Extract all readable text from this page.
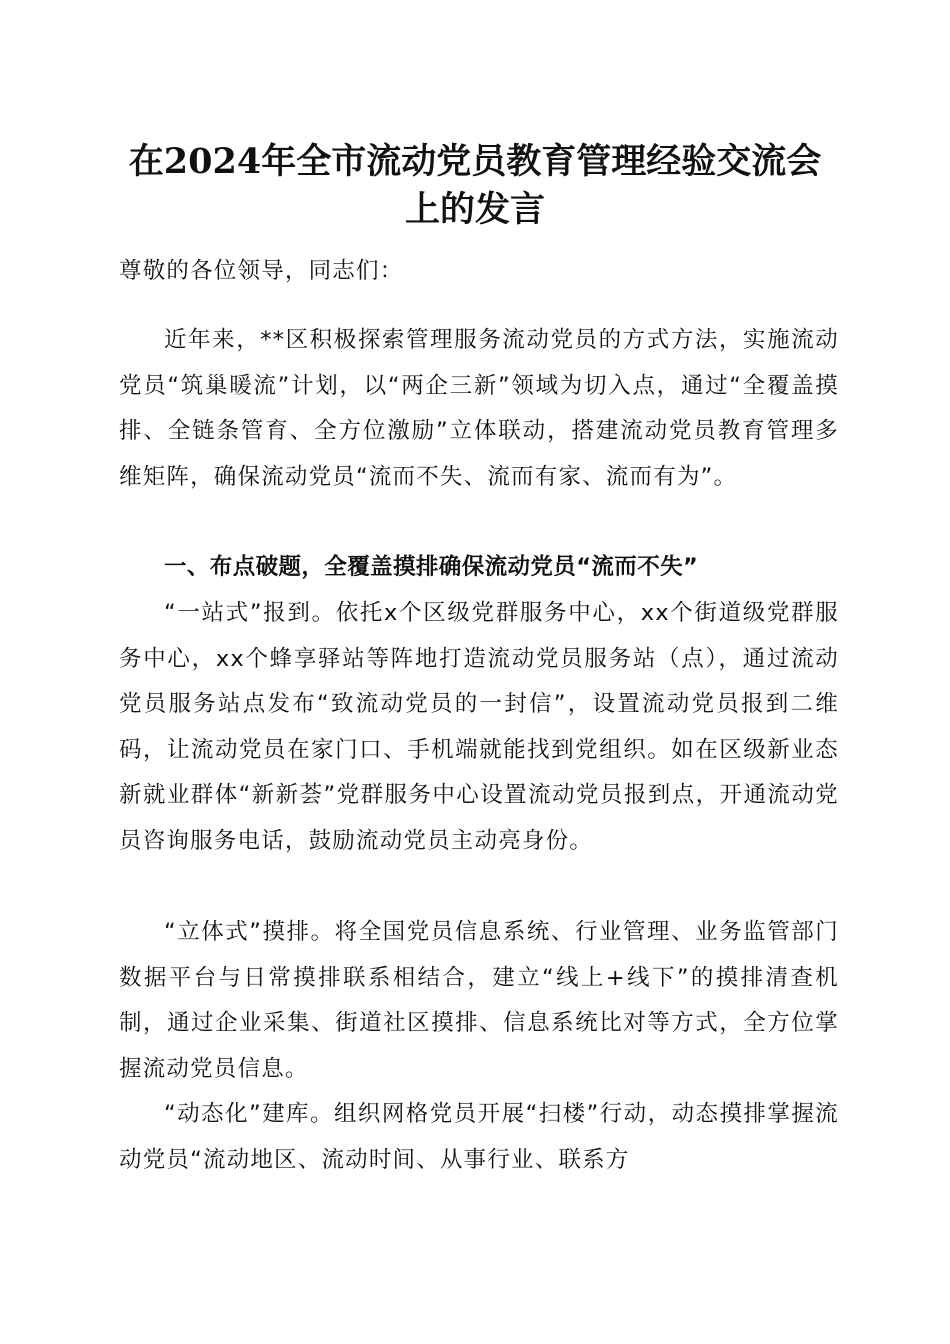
在2024年全市流动党员教育管理经验交流会
上的发言

尊敬的各位领导，同志们：

近年来，**区积极探索管理服务流动党员的方式方法，实施流动党员“筑巢暖流”计划，以“两企三新”领域为切入点，通过“全覆盖摸排、全链条管育、全方位激励”立体联动，搭建流动党员教育管理多维矩阵，确保流动党员“流而不失、流而有家、流而有为”。

一、布点破题，全覆盖摸排确保流动党员“流而不失”

“一站式”报到。依托x个区级党群服务中心，xx个街道级党群服务中心，xx个蜂享驿站等阵地打造流动党员服务站（点），通过流动党员服务站点发布“致流动党员的一封信”，设置流动党员报到二维码，让流动党员在家门口、手机端就能找到党组织。如在区级新业态新就业群体“新新荟”党群服务中心设置流动党员报到点，开通流动党员咨询服务电话，鼓励流动党员主动亮身份。

“立体式”摸排。将全国党员信息系统、行业管理、业务监管部门数据平台与日常摸排联系相结合，建立“线上+线下”的摸排清查机制，通过企业采集、街道社区摸排、信息系统比对等方式，全方位掌握流动党员信息。

“动态化”建库。组织网格党员开展“扫楼”行动，动态摸排掌握流动党员“流动地区、流动时间、从事行业、联系方
